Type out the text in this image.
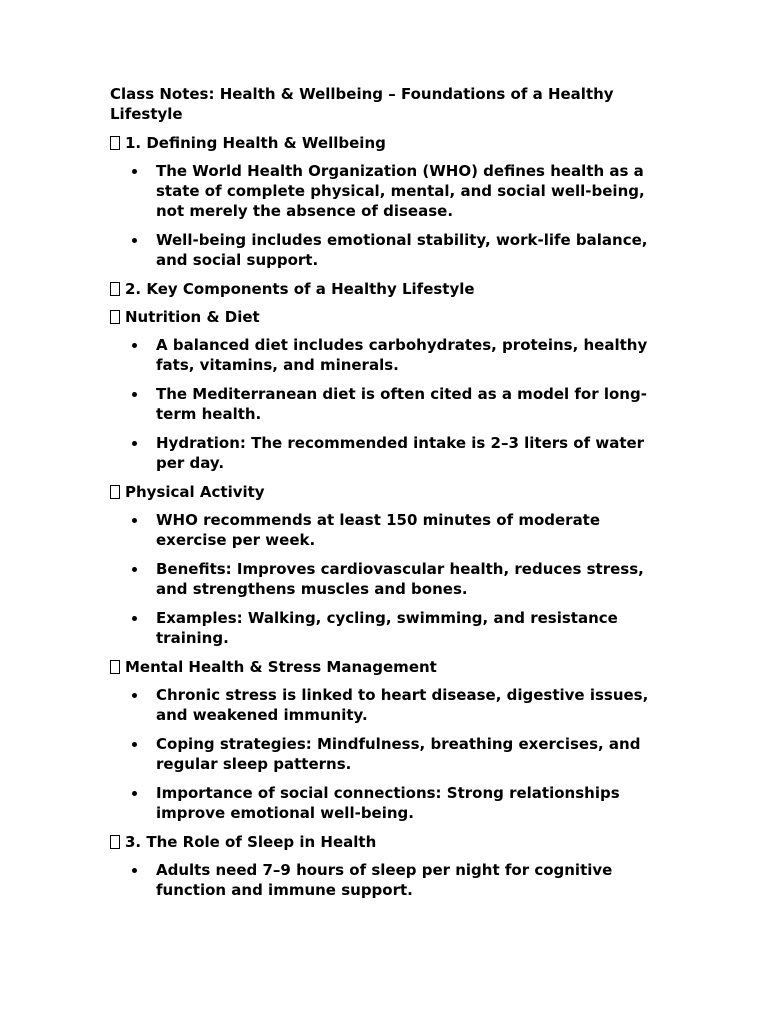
Class Notes: Health & Wellbeing – Foundations of a Healthy Lifestyle
1. Defining Health & Wellbeing
The World Health Organization (WHO) defines health as a state of complete physical, mental, and social well-being, not merely the absence of disease.
Well-being includes emotional stability, work-life balance, and social support.
2. Key Components of a Healthy Lifestyle
Nutrition & Diet
A balanced diet includes carbohydrates, proteins, healthy fats, vitamins, and minerals.
The Mediterranean diet is often cited as a model for long-term health.
Hydration: The recommended intake is 2–3 liters of water per day.
Physical Activity
WHO recommends at least 150 minutes of moderate exercise per week.
Benefits: Improves cardiovascular health, reduces stress, and strengthens muscles and bones.
Examples: Walking, cycling, swimming, and resistance training.
Mental Health & Stress Management
Chronic stress is linked to heart disease, digestive issues, and weakened immunity.
Coping strategies: Mindfulness, breathing exercises, and regular sleep patterns.
Importance of social connections: Strong relationships improve emotional well-being.
3. The Role of Sleep in Health
Adults need 7–9 hours of sleep per night for cognitive function and immune support.
